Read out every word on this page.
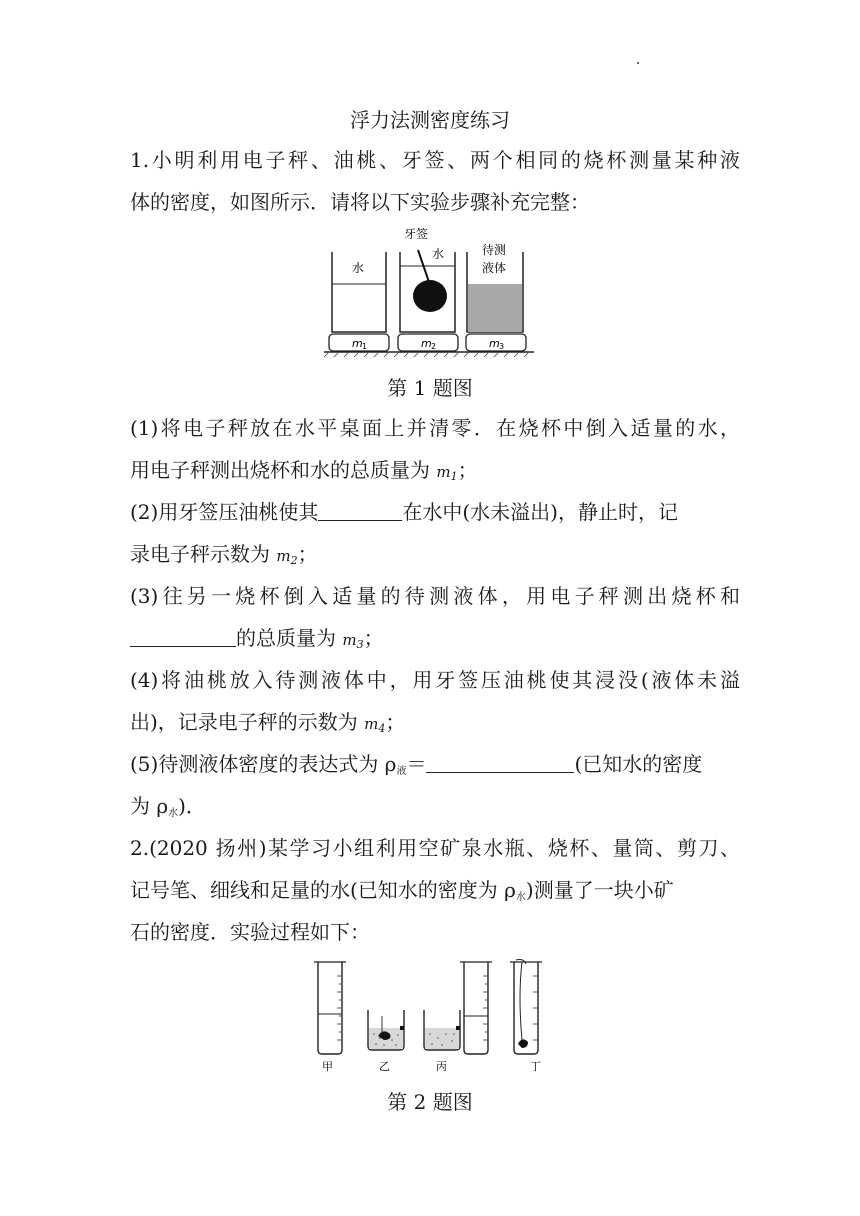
浮力法测密度练习
1.小明利用电子秤、油桃、牙签、两个相同的烧杯测量某种液
体的密度，如图所示．请将以下实验步骤补充完整：
m 1	m 2	m 3
水
牙签
水	待测
液体
第 1 题图
(1)将电子秤放在水平桌面上并清零．在烧杯中倒入适量的水，
用电子秤测出烧杯和水的总质量为 $m_1$；
(2)用牙签压油桃使其	在水中(水未溢出)，静止时，记
录电子秤示数为 $m_2$；
(3)往另一烧杯倒入适量的待测液体，用电子秤测出烧杯和
的总质量为 $m_3$；
(4)将油桃放入待测液体中，用牙签压油桃使其浸没(液体未溢
出)，记录电子秤的示数为 $m_4$；
(5)待测液体密度的表达式为 ρ液＝	(已知水的密度
为 ρ水)．
2.(2020 扬州)某学习小组利用空矿泉水瓶、烧杯、量筒、剪刀、
记号笔、细线和足量的水(已知水的密度为 ρ水)测量了一块小矿
石的密度．实验过程如下：
甲	乙	丙	丁
第 2 题图
